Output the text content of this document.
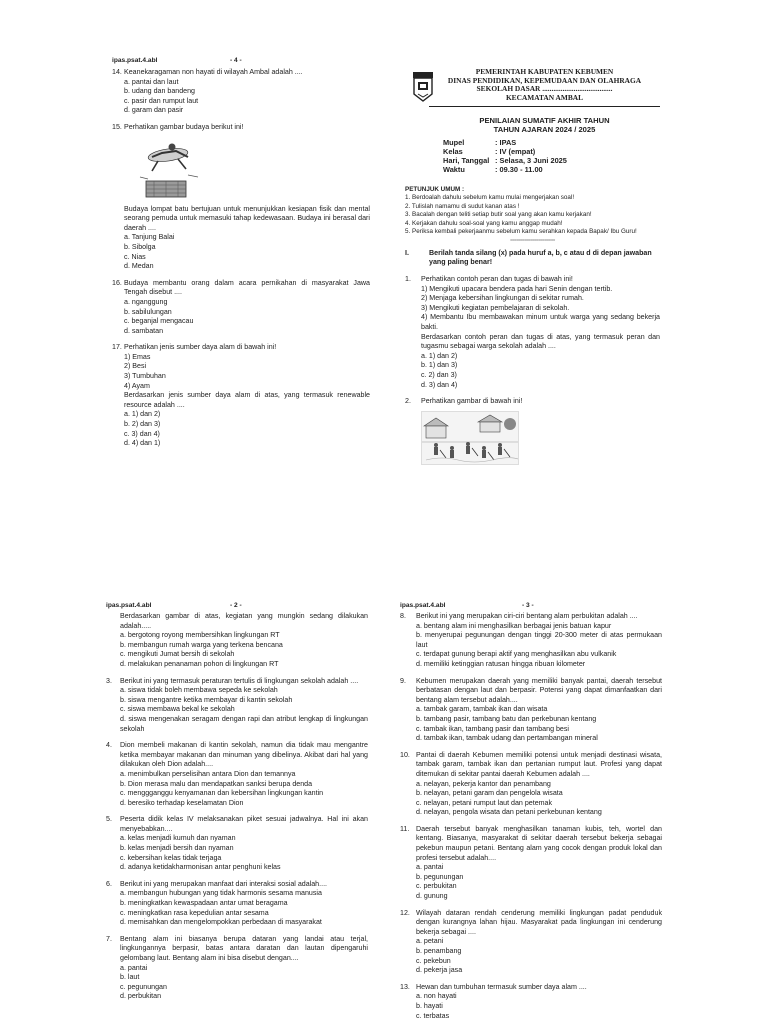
ipas.psat.4.abl	- 4 -
14. Keanekaragaman non hayati di wilayah Ambal adalah ....
a. pantai dan laut
b. udang dan bandeng
c. pasir dan rumput laut
d. garam dan pasir
15. Perhatikan gambar budaya berikut ini!
Budaya lompat batu bertujuan untuk menunjukkan kesiapan fisik dan mental seorang pemuda untuk memasuki tahap kedewasaan. Budaya ini berasal dari daerah ....
a. Tanjung Balai
b. Sibolga
c. Nias
d. Medan
16. Budaya membantu orang dalam acara pernikahan di masyarakat Jawa Tengah disebut ....
a. nganggung
b. sabilulungan
c. beganjal mengacau
d. sambatan
17. Perhatikan jenis sumber daya alam di bawah ini!
1) Emas
2) Besi
3) Tumbuhan
4) Ayam
Berdasarkan jenis sumber daya alam di atas, yang termasuk renewable resource adalah ....
a. 1) dan 2)
b. 2) dan 3)
c. 3) dan 4)
d. 4) dan 1)
KEBUMEN	PEMERINTAH KABUPATEN KEBUMEN
DINAS PENDIDIKAN, KEPEMUDAAN DAN OLAHRAGA
SEKOLAH DASAR ......................................
KECAMATAN AMBAL
PENILAIAN SUMATIF AKHIR TAHUN
TAHUN AJARAN 2024 / 2025
Mupel	: IPAS
Kelas	: IV (empat)
Hari, Tanggal : Selasa, 3 Juni 2025
Waktu	: 09.30 - 11.00
PETUNJUK UMUM :
1. Berdoalah dahulu sebelum kamu mulai mengerjakan soal!
2. Tulislah namamu di sudut kanan atas !
3. Bacalah dengan teliti setiap butir soal yang akan kamu kerjakan!
4. Kerjakan dahulu soal-soal yang kamu anggap mudah!
5. Periksa kembali pekerjaanmu sebelum kamu serahkan kepada Bapak/ Ibu Guru!
======================
I.	Berilah tanda silang (x) pada huruf a, b, c atau d di depan jawaban yang paling benar!
1.	Perhatikan contoh peran dan tugas di bawah ini!
1) Mengikuti upacara bendera pada hari Senin dengan tertib.
2) Menjaga kebersihan lingkungan di sekitar rumah.
3) Mengikuti kegiatan pembelajaran di sekolah.
4) Membantu Ibu membawakan minum untuk warga yang sedang bekerja bakti.
Berdasarkan contoh peran dan tugas di atas, yang termasuk peran dan tugasmu sebagai warga sekolah adalah ....
a. 1) dan 2)
b. 1) dan 3)
c. 2) dan 3)
d. 3) dan 4)
2.	Perhatikan gambar di bawah ini!
ipas.psat.4.abl	- 2 -
Berdasarkan gambar di atas, kegiatan yang mungkin sedang dilakukan adalah.....
a. bergotong royong membersihkan lingkungan RT
b. membangun rumah warga yang terkena bencana
c. mengikuti Jumat bersih di sekolah
d. melakukan penanaman pohon di lingkungan RT
3.	Berikut ini yang termasuk peraturan tertulis di lingkungan sekolah adalah ....
a. siswa tidak boleh membawa sepeda ke sekolah
b. siswa mengantre ketika membayar di kantin sekolah
c. siswa membawa bekal ke sekolah
d. siswa mengenakan seragam dengan rapi dan atribut lengkap di lingkungan sekolah
4.	Dion membeli makanan di kantin sekolah, namun dia tidak mau mengantre ketika membayar makanan dan minuman yang dibelinya. Akibat dari hal yang dilakukan oleh Dion adalah....
a. menimbulkan perselisihan antara Dion dan temannya
b. Dion merasa malu dan mendapatkan sanksi berupa denda
c. menggganggu kenyamanan dan kebersihan lingkungan kantin
d. beresiko terhadap keselamatan Dion
5.	Peserta didik kelas IV melaksanakan piket sesuai jadwalnya. Hal ini akan menyebabkan....
a. kelas menjadi kumuh dan nyaman
b. kelas menjadi bersih dan nyaman
c. kebersihan kelas tidak terjaga
d. adanya ketidakharmonisan antar penghuni kelas
6.	Berikut ini yang merupakan manfaat dari interaksi sosial adalah....
a. membangun hubungan yang tidak harmonis sesama manusia
b. meningkatkan kewaspadaan antar umat beragama
c. meningkatkan rasa kepedulian antar sesama
d. memisahkan dan mengelompokkan perbedaan di masyarakat
7.	Bentang alam ini biasanya berupa dataran yang landai atau terjal, lingkungannya berpasir, batas antara daratan dan lautan dipengaruhi gelombang laut. Bentang alam ini bisa disebut dengan....
a. pantai
b. laut
c. pegunungan
d. perbukitan
ipas.psat.4.abl	- 3 -
8.	Berikut ini yang merupakan ciri-ciri bentang alam perbukitan adalah ....
a. bentang alam ini menghasilkan berbagai jenis batuan kapur
b. menyerupai pegunungan dengan tinggi 20-300 meter di atas permukaan laut
c. terdapat gunung berapi aktif yang menghasilkan abu vulkanik
d. memiliki ketinggian ratusan hingga ribuan kilometer
9.	Kebumen merupakan daerah yang memiliki banyak pantai, daerah tersebut berbatasan dengan laut dan berpasir. Potensi yang dapat dimanfaatkan dari bentang alam tersebut adalah....
a. tambak garam, tambak ikan dan wisata
b. tambang pasir, tambang batu dan perkebunan kentang
c. tambak ikan, tambang pasir dan tambang besi
d. tambak ikan, tambak udang dan pertambangan mineral
10. Pantai di daerah Kebumen memiliki potensi untuk menjadi destinasi wisata, tambak garam, tambak ikan dan pertanian rumput laut. Profesi yang dapat ditemukan di sekitar pantai daerah Kebumen adalah ....
a. nelayan, pekerja kantor dan penambang
b. nelayan, petani garam dan pengelola wisata
c. nelayan, petani rumput laut dan petemak
d. nelayan, pengola wisata dan petani perkebunan kentang
11. Daerah tersebut banyak menghasilkan tanaman kubis, teh, wortel dan kentang. Biasanya, masyarakat di sekitar daerah tersebut bekerja sebagai pekebun maupun petani. Bentang alam yang cocok dengan produk lokal dan profesi tersebut adalah....
a. pantai
b. pegunungan
c. perbukitan
d. gunung
12. Wilayah dataran rendah cenderung memiliki lingkungan padat penduduk dengan kurangnya lahan hijau. Masyarakat pada lingkungan ini cenderung bekerja sebagai ....
a. petani
b. penambang
c. pekebun
d. pekerja jasa
13. Hewan dan tumbuhan termasuk sumber daya alam ....
a. non hayati
b. hayati
c. terbatas
